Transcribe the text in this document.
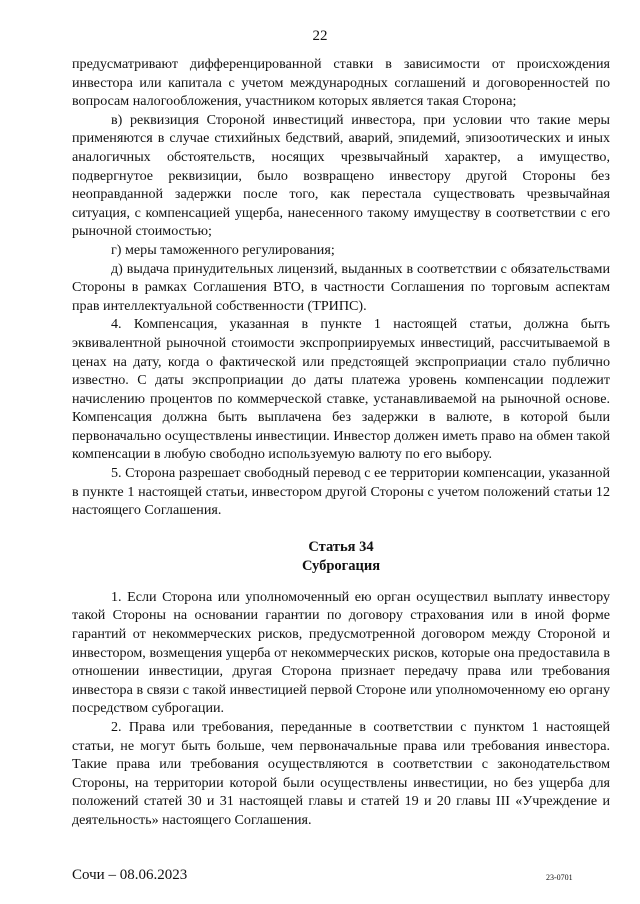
22

предусматривают дифференцированной ставки в зависимости от происхождения инвестора или капитала с учетом международных соглашений и договоренностей по вопросам налогообложения, участником которых является такая Сторона;

в) реквизиция Стороной инвестиций инвестора, при условии что такие меры применяются в случае стихийных бедствий, аварий, эпидемий, эпизоотических и иных аналогичных обстоятельств, носящих чрезвычайный характер, а имущество, подвергнутое реквизиции, было возвращено инвестору другой Стороны без неоправданной задержки после того, как перестала существовать чрезвычайная ситуация, с компенсацией ущерба, нанесенного такому имуществу в соответствии с его рыночной стоимостью;

г) меры таможенного регулирования;

д) выдача принудительных лицензий, выданных в соответствии с обязательствами Стороны в рамках Соглашения ВТО, в частности Соглашения по торговым аспектам прав интеллектуальной собственности (ТРИПС).

4. Компенсация, указанная в пункте 1 настоящей статьи, должна быть эквивалентной рыночной стоимости экспроприируемых инвестиций, рассчитываемой в ценах на дату, когда о фактической или предстоящей экспроприации стало публично известно. С даты экспроприации до даты платежа уровень компенсации подлежит начислению процентов по коммерческой ставке, устанавливаемой на рыночной основе. Компенсация должна быть выплачена без задержки в валюте, в которой были первоначально осуществлены инвестиции. Инвестор должен иметь право на обмен такой компенсации в любую свободно используемую валюту по его выбору.

5. Сторона разрешает свободный перевод с ее территории компенсации, указанной в пункте 1 настоящей статьи, инвестором другой Стороны с учетом положений статьи 12 настоящего Соглашения.

Статья 34
Суброгация

1. Если Сторона или уполномоченный ею орган осуществил выплату инвестору такой Стороны на основании гарантии по договору страхования или в иной форме гарантий от некоммерческих рисков, предусмотренной договором между Стороной и инвестором, возмещения ущерба от некоммерческих рисков, которые она предоставила в отношении инвестиции, другая Сторона признает передачу права или требования инвестора в связи с такой инвестицией первой Стороне или уполномоченному ею органу посредством суброгации.

2. Права или требования, переданные в соответствии с пунктом 1 настоящей статьи, не могут быть больше, чем первоначальные права или требования инвестора. Такие права или требования осуществляются в соответствии с законодательством Стороны, на территории которой были осуществлены инвестиции, но без ущерба для положений статей 30 и 31 настоящей главы и статей 19 и 20 главы III «Учреждение и деятельность» настоящего Соглашения.

Сочи – 08.06.2023	23-0701
